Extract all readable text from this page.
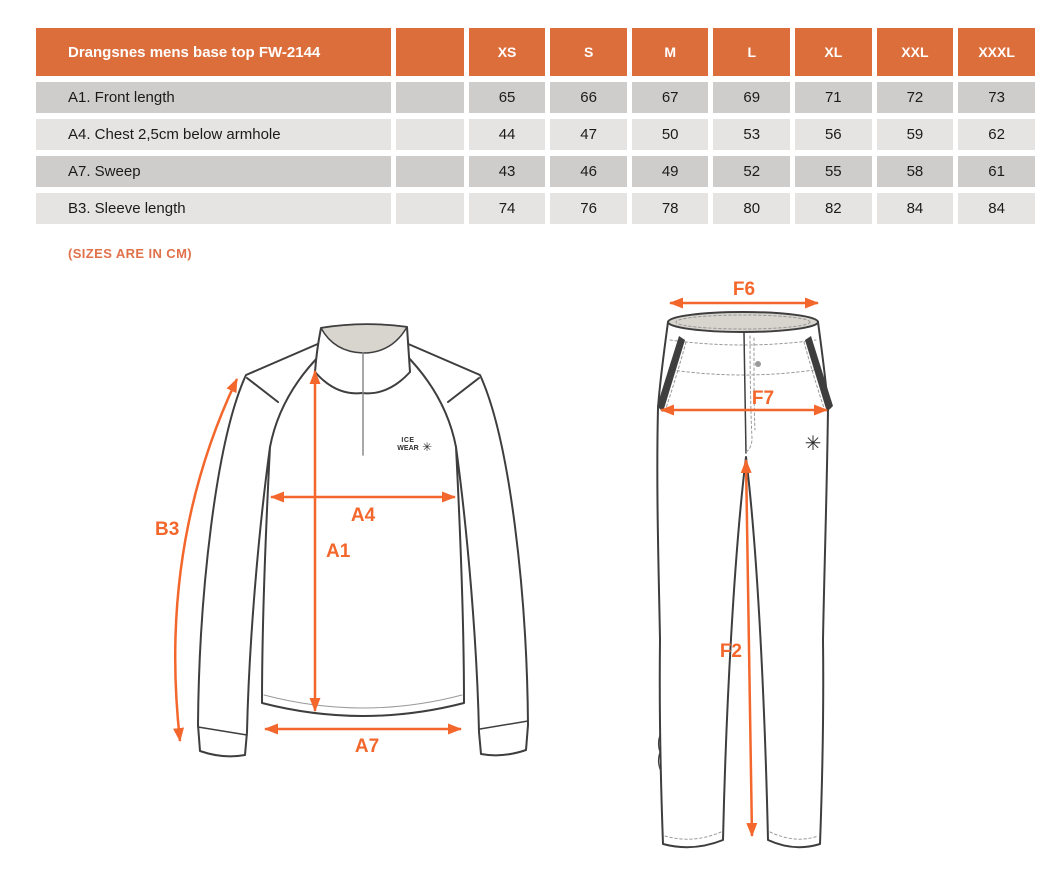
Drangsnes mens base top FW-2144		XS	S	M	L	XL	XXL	XXXL
A1. Front length		65	66	67	69	71	72	73
A4. Chest 2,5cm below armhole		44	47	50	53	56	59	62
A7. Sweep		43	46	49	52	55	58	61
B3. Sleeve length		74	76	78	80	82	84	84
(SIZES ARE IN CM)
ICE
WEAR ✳
B3
A1
A4
A7
✳
F6
F7
F2
